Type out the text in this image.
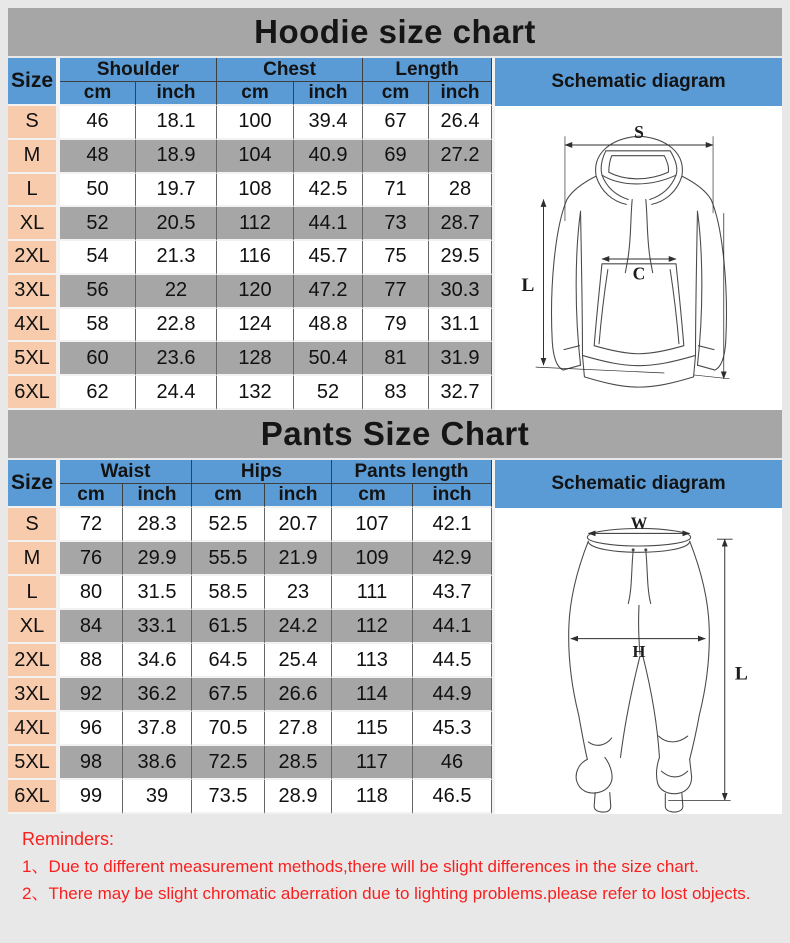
Hoodie size chart
Size	Shoulder		Chest		Length		Schematic diagram
	cm	inch	cm	inch	cm	inch	
S	46	18.1	100	39.4	67	26.4	S
C
L

M	48	18.9	104	40.9	69	27.2	
L	50	19.7	108	42.5	71	28	
XL	52	20.5	112	44.1	73	28.7	
2XL	54	21.3	116	45.7	75	29.5	
3XL	56	22	120	47.2	77	30.3	
4XL	58	22.8	124	48.8	79	31.1	
5XL	60	23.6	128	50.4	81	31.9	
6XL	62	24.4	132	52	83	32.7	
Pants Size Chart
Size	Waist		Hips		Pants length		Schematic diagram
	cm	inch	cm	inch	cm	inch	
S	72	28.3	52.5	20.7	107	42.1	W
H
L

M	76	29.9	55.5	21.9	109	42.9	
L	80	31.5	58.5	23	111	43.7	
XL	84	33.1	61.5	24.2	112	44.1	
2XL	88	34.6	64.5	25.4	113	44.5	
3XL	92	36.2	67.5	26.6	114	44.9	
4XL	96	37.8	70.5	27.8	115	45.3	
5XL	98	38.6	72.5	28.5	117	46	
6XL	99	39	73.5	28.9	118	46.5	
Reminders:
1、Due to different measurement methods,there will be slight differences in the size chart.
2、There may be slight chromatic aberration due to lighting problems.please refer to lost objects.
